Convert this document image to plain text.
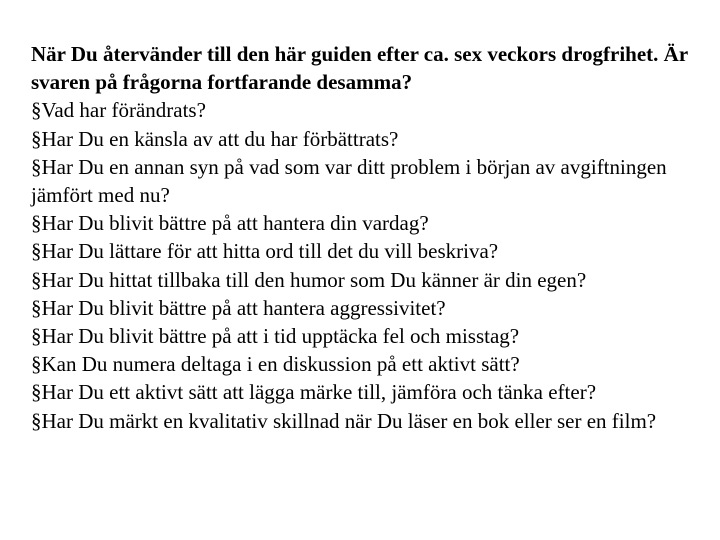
När Du återvänder till den här guiden efter ca. sex veckors drogfrihet. Är svaren på frågorna fortfarande desamma?

§Vad har förändrats?
§Har Du en känsla av att du har förbättrats?
§Har Du en annan syn på vad som var ditt problem i början av avgiftningen jämfört med nu?
§Har Du blivit bättre på att hantera din vardag?
§Har Du lättare för att hitta ord till det du vill beskriva?
§Har Du hittat tillbaka till den humor som Du känner är din egen?
§Har Du blivit bättre på att hantera aggressivitet?
§Har Du blivit bättre på att i tid upptäcka fel och misstag?
§Kan Du numera deltaga i en diskussion på ett aktivt sätt?
§Har Du ett aktivt sätt att lägga märke till, jämföra och tänka efter?
§Har Du märkt en kvalitativ skillnad när Du läser en bok eller ser en film?
